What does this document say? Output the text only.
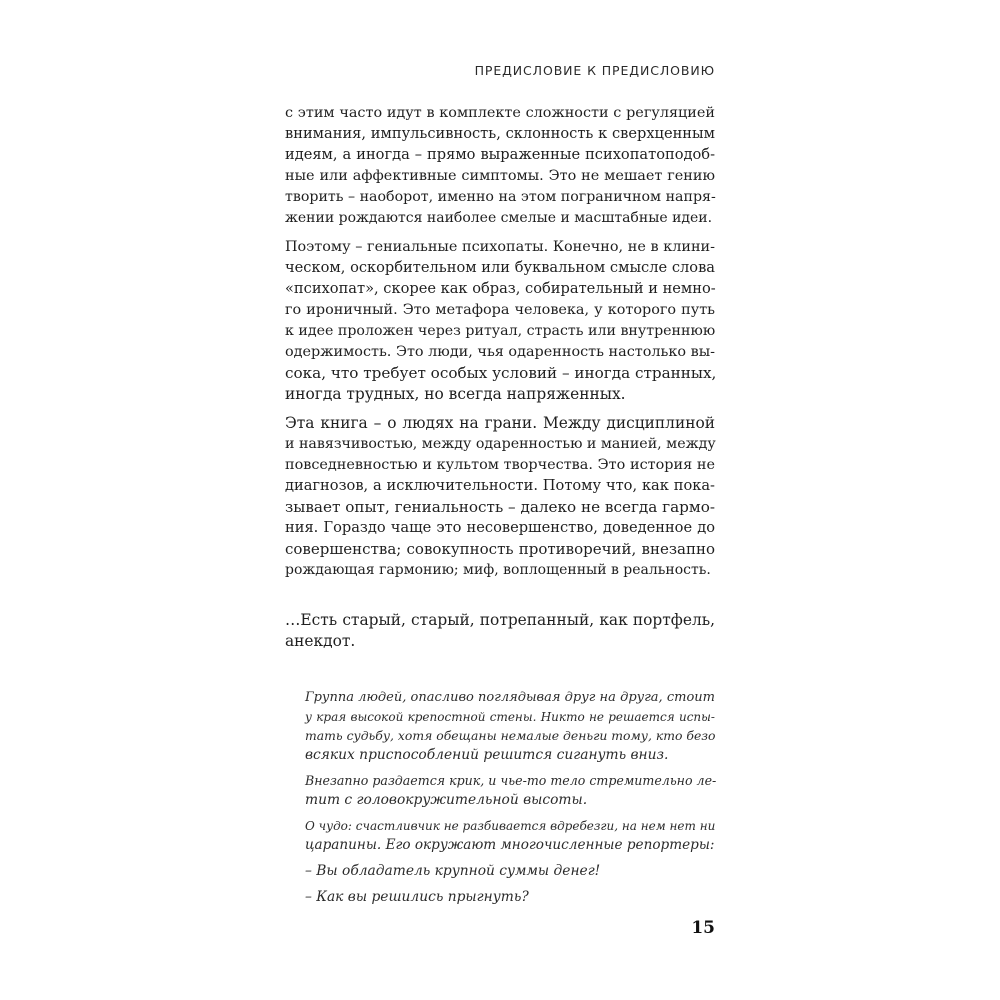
ПРЕДИСЛОВИЕ К ПРЕДИСЛОВИЮ
с этим часто идут в комплекте сложности с регуляцией
внимания, импульсивность, склонность к сверхценным
идеям, а иногда – прямо выраженные психопатоподоб-
ные или аффективные симптомы. Это не мешает гению
творить – наоборот, именно на этом пограничном напря-
жении рождаются наиболее смелые и масштабные идеи.
Поэтому – гениальные психопаты. Конечно, не в клини-
ческом, оскорбительном или буквальном смысле слова
«психопат», скорее как образ, собирательный и немно-
го ироничный. Это метафора человека, у которого путь
к идее проложен через ритуал, страсть или внутреннюю
одержимость. Это люди, чья одаренность настолько вы-
сока, что требует особых условий – иногда странных,
иногда трудных, но всегда напряженных.
Эта книга – о людях на грани. Между дисциплиной
и навязчивостью, между одаренностью и манией, между
повседневностью и культом творчества. Это история не
диагнозов, а исключительности. Потому что, как пока-
зывает опыт, гениальность – далеко не всегда гармо-
ния. Гораздо чаще это несовершенство, доведенное до
совершенства; совокупность противоречий, внезапно
рождающая гармонию; миф, воплощенный в реальность.
…Есть старый, старый, потрепанный, как портфель,
анекдот.
Группа людей, опасливо поглядывая друг на друга, стоит
у края высокой крепостной стены. Никто не решается испы-
тать судьбу, хотя обещаны немалые деньги тому, кто безо
всяких приспособлений решится сигануть вниз.
Внезапно раздается крик, и чье-то тело стремительно ле-
тит с головокружительной высоты.
О чудо: счастливчик не разбивается вдребезги, на нем нет ни
царапины. Его окружают многочисленные репортеры:
– Вы обладатель крупной суммы денег!
– Как вы решились прыгнуть?
15
